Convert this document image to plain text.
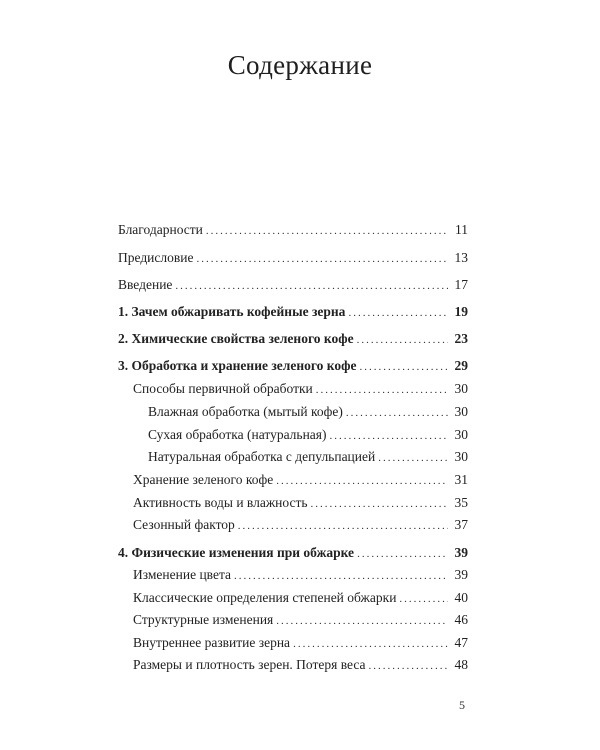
Содержание
Благодарности .....	11
Предисловие .....	13
Введение .....	17
1. Зачем обжаривать кофейные зерна .....	19
2. Химические свойства зеленого кофе .....	23
3. Обработка и хранение зеленого кофе .....	29
Способы первичной обработки .....	30
Влажная обработка (мытый кофе) .....	30
Сухая обработка (натуральная) .....	30
Натуральная обработка с депульпацией .....	30
Хранение зеленого кофе .....	31
Активность воды и влажность .....	35
Сезонный фактор .....	37
4. Физические изменения при обжарке .....	39
Изменение цвета .....	39
Классические определения степеней обжарки .....	40
Структурные изменения .....	46
Внутреннее развитие зерна .....	47
Размеры и плотность зерен. Потеря веса .....	48
5
